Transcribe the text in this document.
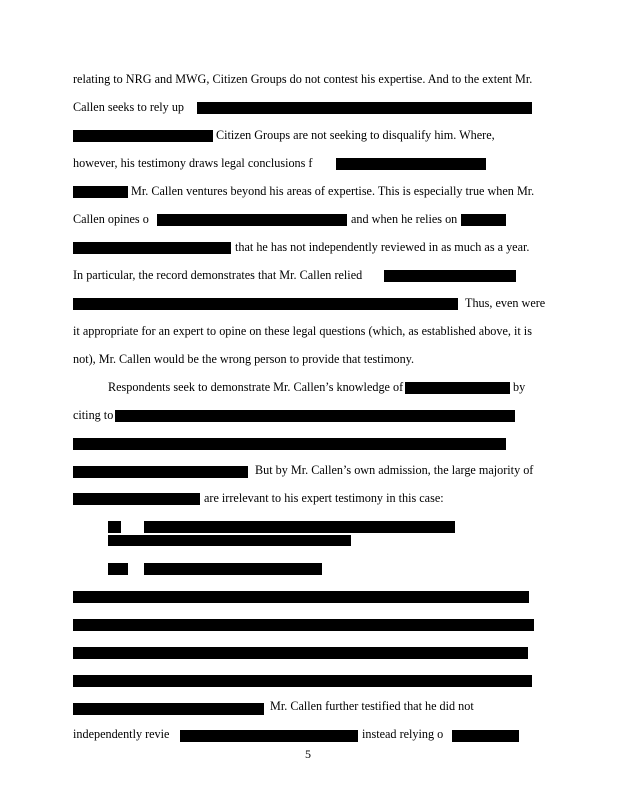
relating to NRG and MWG, Citizen Groups do not contest his expertise. And to the extent Mr.
Callen seeks to rely up
Citizen Groups are not seeking to disqualify him. Where,
however, his testimony draws legal conclusions f
Mr. Callen ventures beyond his areas of expertise. This is especially true when Mr.
Callen opines o	and when he relies on
that he has not independently reviewed in as much as a year.
In particular, the record demonstrates that Mr. Callen relied
Thus, even were
it appropriate for an expert to opine on these legal questions (which, as established above, it is
not), Mr. Callen would be the wrong person to provide that testimony.
Respondents seek to demonstrate Mr. Callen’s knowledge of	by
citing to
But by Mr. Callen’s own admission, the large majority of
are irrelevant to his expert testimony in this case:
Mr. Callen further testified that he did not
independently revie	instead relying o
5
